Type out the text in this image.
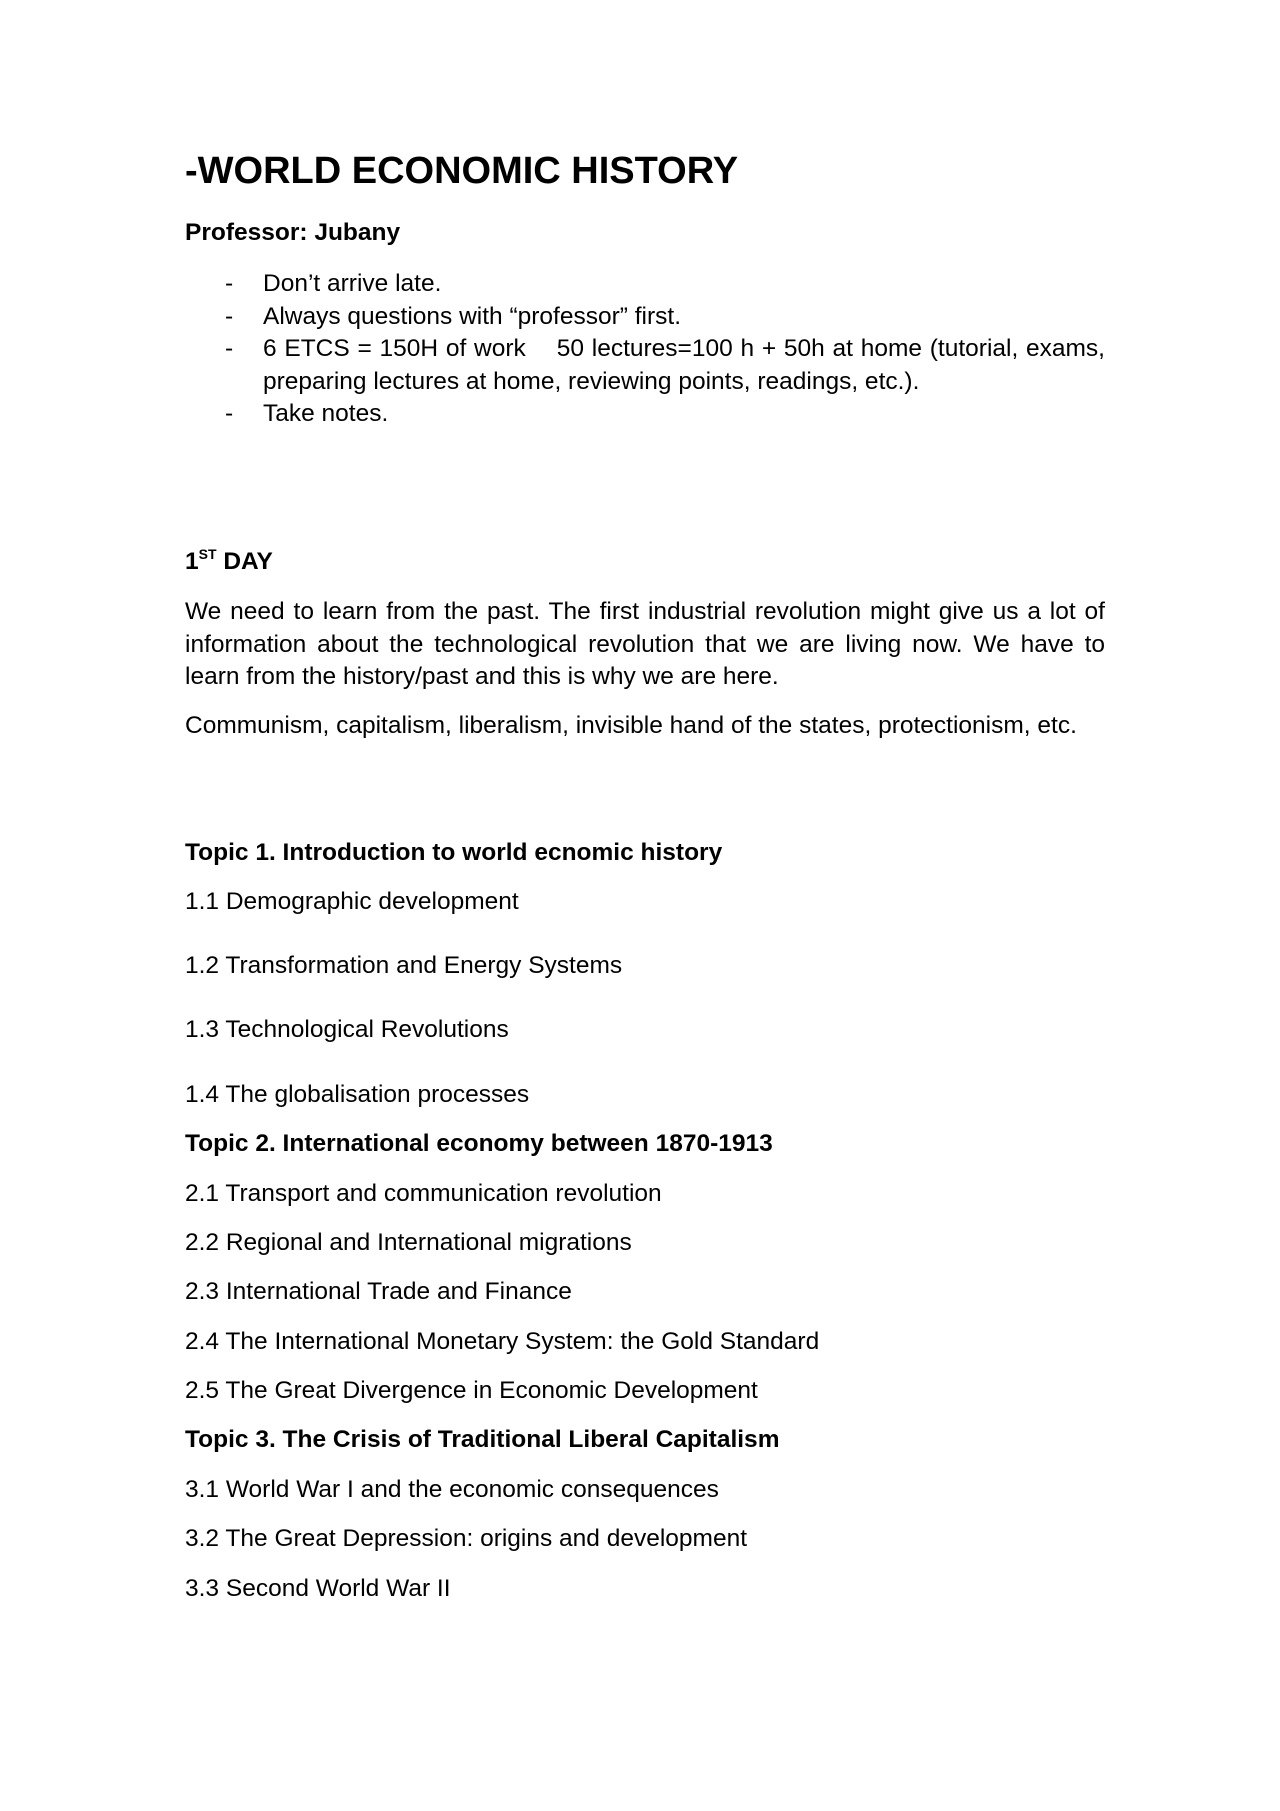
-WORLD ECONOMIC HISTORY

Professor: Jubany

- Don’t arrive late.
- Always questions with “professor” first.
- 6 ETCS = 150H of work    50 lectures=100 h + 50h at home (tutorial, exams, preparing lectures at home, reviewing points, readings, etc.).
- Take notes.

1ST DAY

We need to learn from the past. The first industrial revolution might give us a lot of information about the technological revolution that we are living now. We have to learn from the history/past and this is why we are here.

Communism, capitalism, liberalism, invisible hand of the states, protectionism, etc.

Topic 1. Introduction to world ecnomic history

1.1 Demographic development

1.2 Transformation and Energy Systems

1.3 Technological Revolutions

1.4 The globalisation processes

Topic 2. International economy between 1870-1913

2.1 Transport and communication revolution

2.2 Regional and International migrations

2.3 International Trade and Finance

2.4 The International Monetary System: the Gold Standard

2.5 The Great Divergence in Economic Development

Topic 3. The Crisis of Traditional Liberal Capitalism

3.1 World War I and the economic consequences

3.2 The Great Depression: origins and development

3.3 Second World War II
